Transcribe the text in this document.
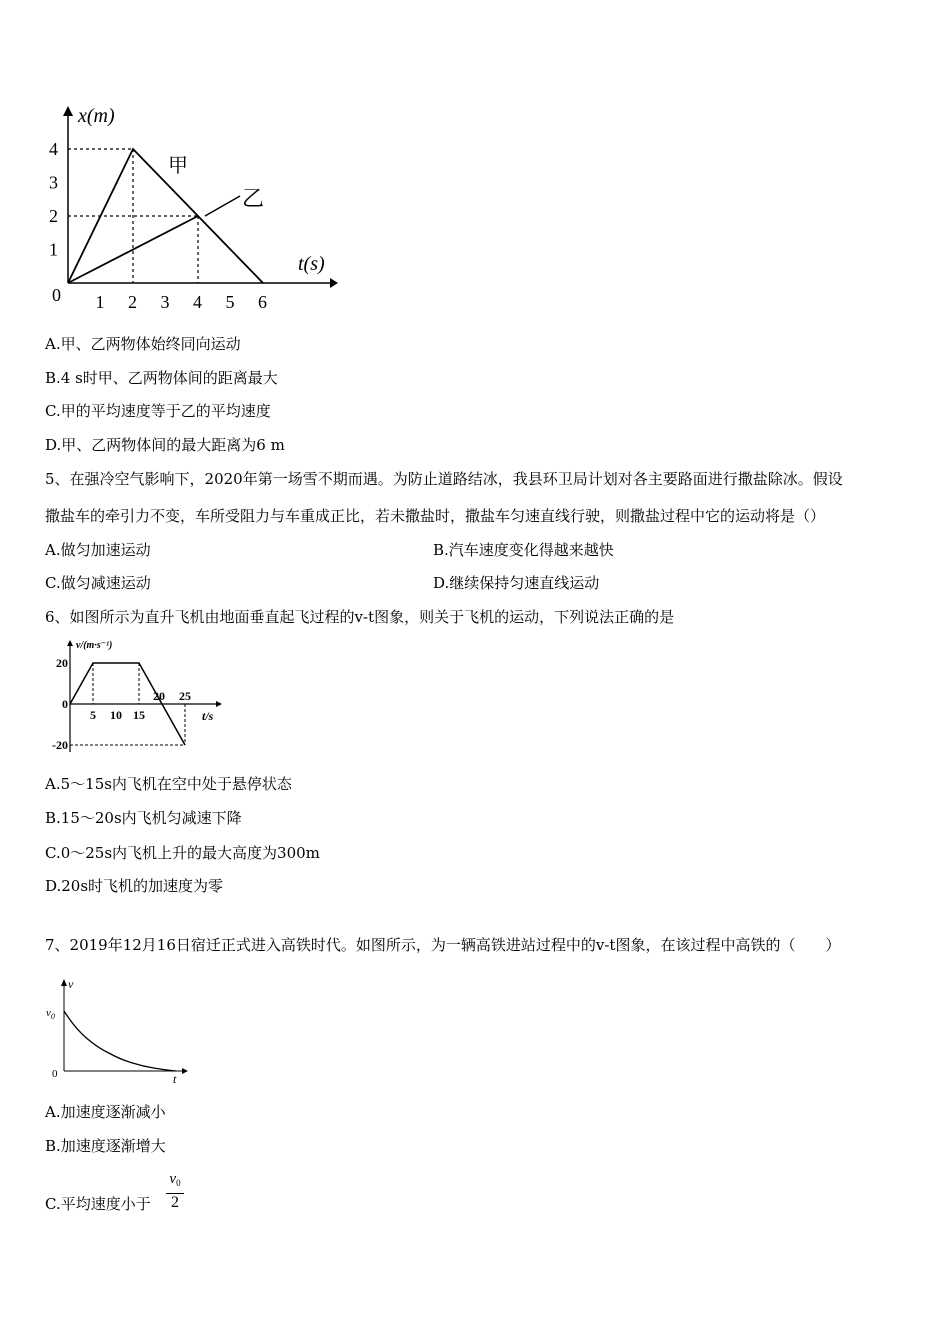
x(m)
t(s)
0
1
2
3
4
1 2 3 4 5 6
甲
乙
A.甲、乙两物体始终同向运动
B.4 s时甲、乙两物体间的距离最大
C.甲的平均速度等于乙的平均速度
D.甲、乙两物体间的最大距离为6 m
5、在强冷空气影响下，2020年第一场雪不期而遇。为防止道路结冰，我县环卫局计划对各主要路面进行撒盐除冰。假设
撒盐车的牵引力不变，车所受阻力与车重成正比，若未撒盐时，撒盐车匀速直线行驶，则撒盐过程中它的运动将是（）
A.做匀加速运动	B.汽车速度变化得越来越快
C.做匀减速运动	D.继续保持匀速直线运动
6、如图所示为直升飞机由地面垂直起飞过程的v-t图象，则关于飞机的运动，下列说法正确的是
v/(m·s⁻¹)
t/s
20
0
-20
5 10 15
20 25
A.5～15s内飞机在空中处于悬停状态
B.15～20s内飞机匀减速下降
C.0～25s内飞机上升的最大高度为300m
D.20s时飞机的加速度为零
7、2019年12月16日宿迁正式进入高铁时代。如图所示，为一辆高铁进站过程中的v-t图象，在该过程中高铁的（　　）
v
t
$v_0$
0
A.加速度逐渐减小
B.加速度逐渐增大
C.平均速度小于
$v_0$
2
